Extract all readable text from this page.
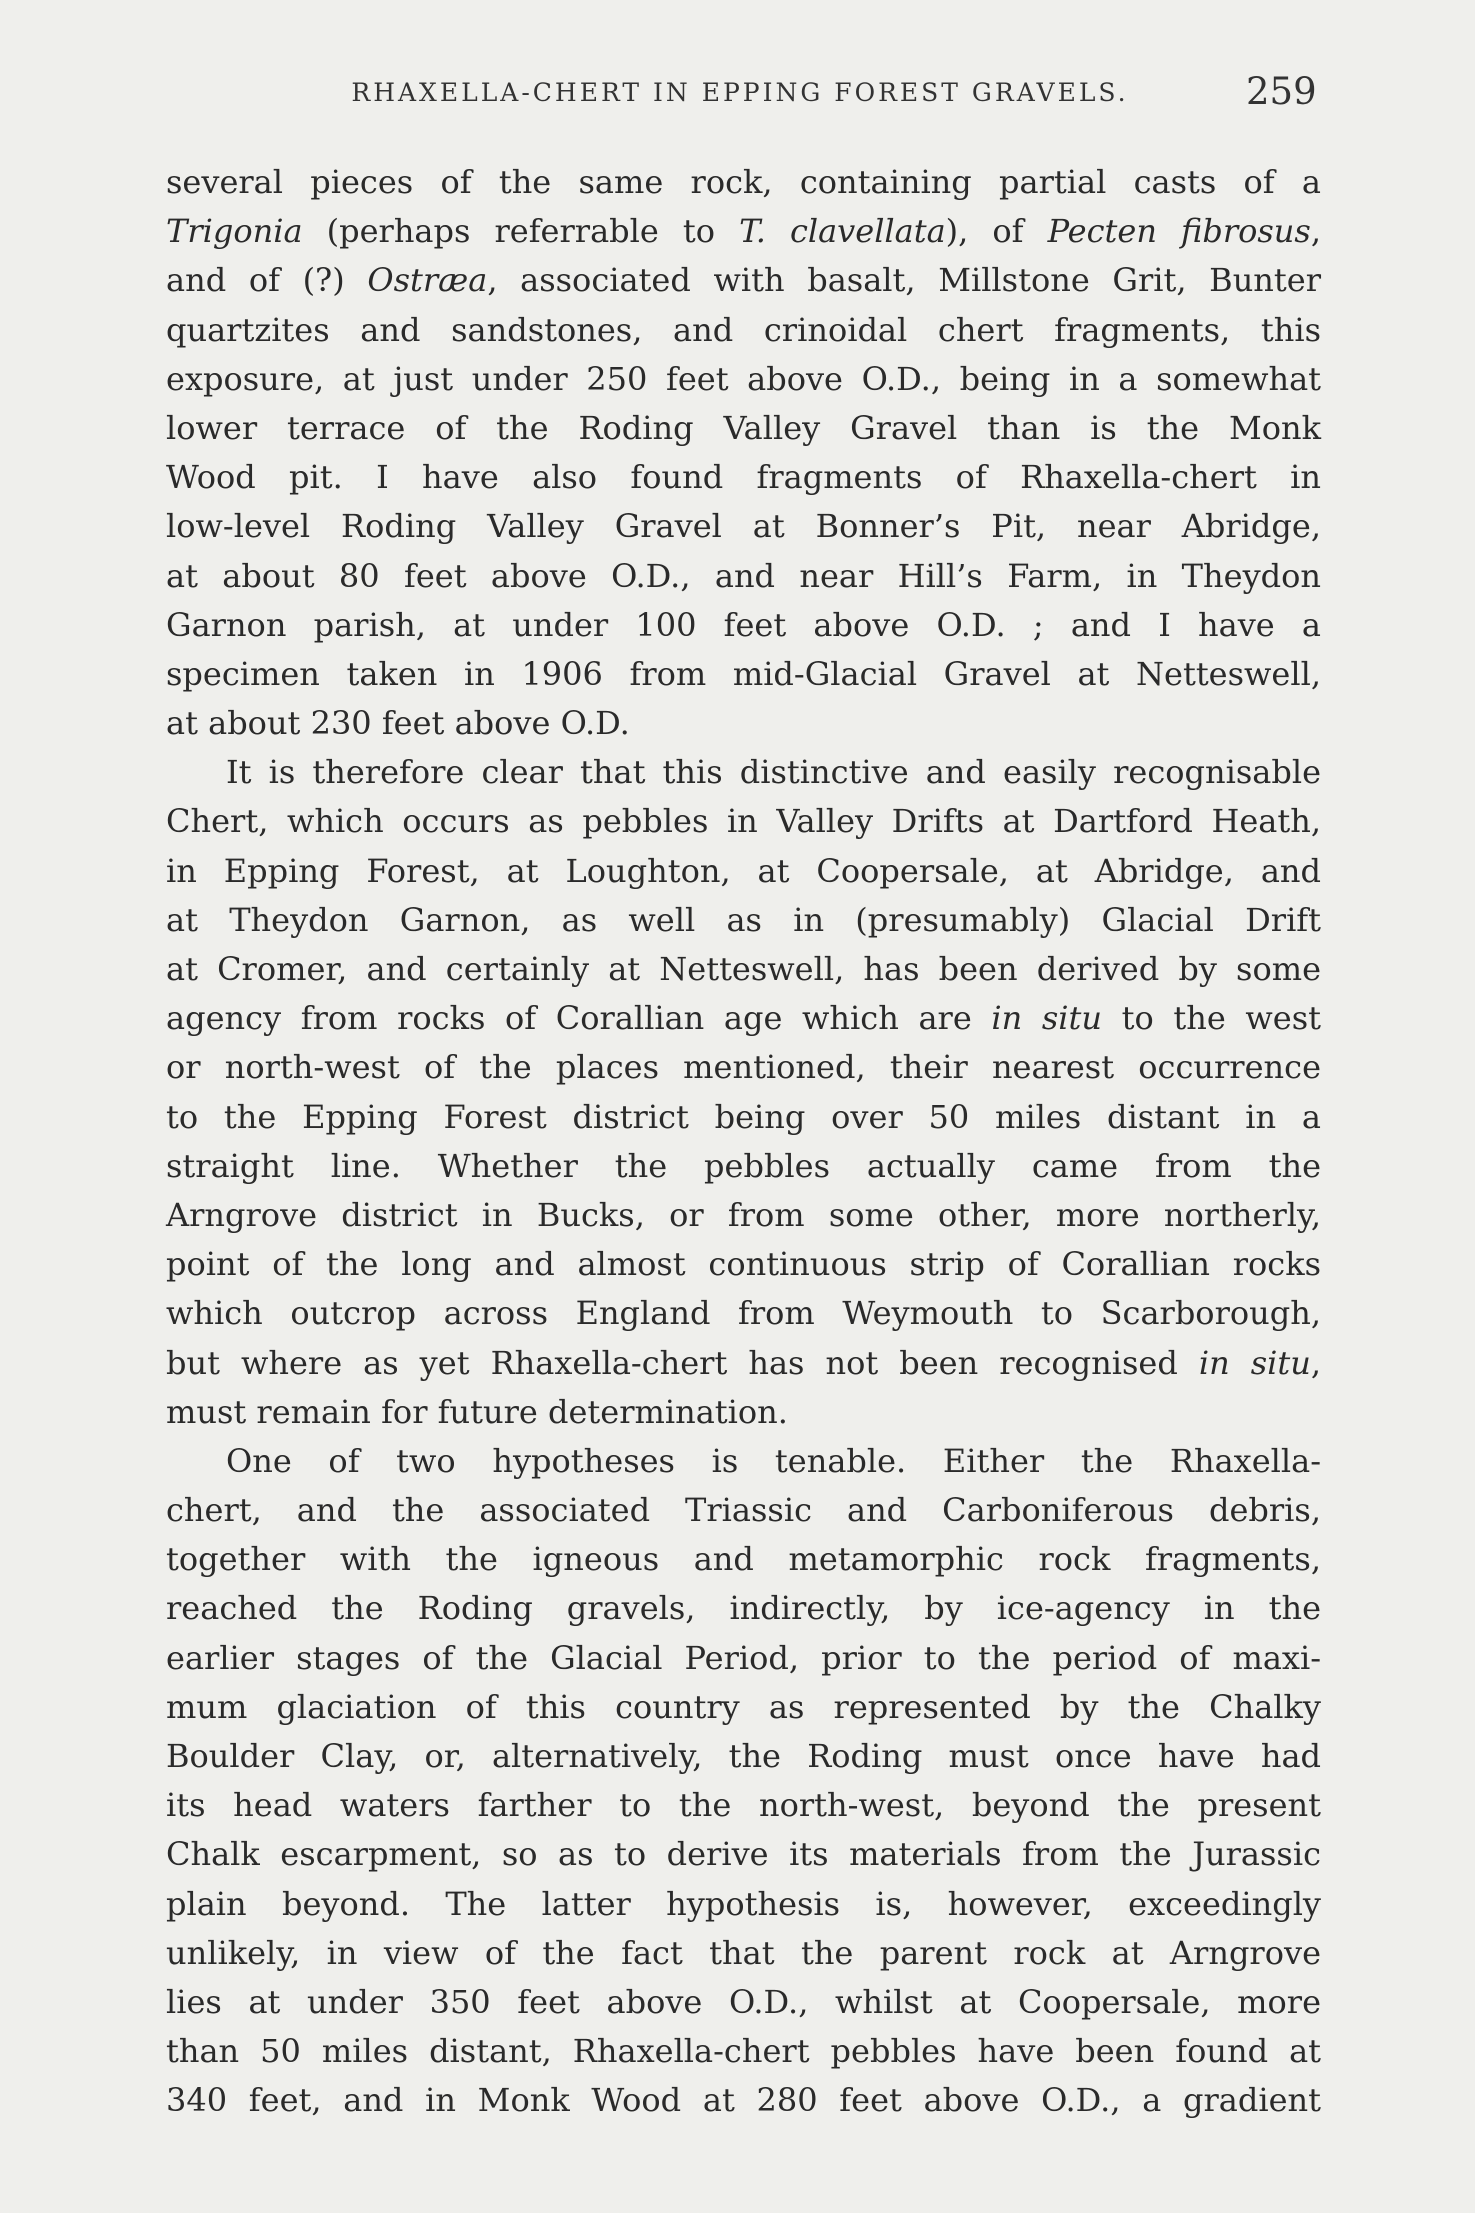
RHAXELLA-CHERT IN EPPING FOREST GRAVELS.	259
several pieces of the same rock, containing partial casts of a
Trigonia (perhaps referrable to T. clavellata), of Pecten fibrosus,
and of (?) Ostræa, associated with basalt, Millstone Grit, Bunter
quartzites and sandstones, and crinoidal chert fragments, this
exposure, at just under 250 feet above O.D., being in a somewhat
lower terrace of the Roding Valley Gravel than is the Monk
Wood pit. I have also found fragments of Rhaxella-chert in
low-level Roding Valley Gravel at Bonner’s Pit, near Abridge,
at about 80 feet above O.D., and near Hill’s Farm, in Theydon
Garnon parish, at under 100 feet above O.D. ; and I have a
specimen taken in 1906 from mid-Glacial Gravel at Netteswell,
at about 230 feet above O.D.
It is therefore clear that this distinctive and easily recognisable
Chert, which occurs as pebbles in Valley Drifts at Dartford Heath,
in Epping Forest, at Loughton, at Coopersale, at Abridge, and
at Theydon Garnon, as well as in (presumably) Glacial Drift
at Cromer, and certainly at Netteswell, has been derived by some
agency from rocks of Corallian age which are in situ to the west
or north-west of the places mentioned, their nearest occurrence
to the Epping Forest district being over 50 miles distant in a
straight line. Whether the pebbles actually came from the
Arngrove district in Bucks, or from some other, more northerly,
point of the long and almost continuous strip of Corallian rocks
which outcrop across England from Weymouth to Scarborough,
but where as yet Rhaxella-chert has not been recognised in situ,
must remain for future determination.
One of two hypotheses is tenable. Either the Rhaxella-
chert, and the associated Triassic and Carboniferous debris,
together with the igneous and metamorphic rock fragments,
reached the Roding gravels, indirectly, by ice-agency in the
earlier stages of the Glacial Period, prior to the period of maxi-
mum glaciation of this country as represented by the Chalky
Boulder Clay, or, alternatively, the Roding must once have had
its head waters farther to the north-west, beyond the present
Chalk escarpment, so as to derive its materials from the Jurassic
plain beyond. The latter hypothesis is, however, exceedingly
unlikely, in view of the fact that the parent rock at Arngrove
lies at under 350 feet above O.D., whilst at Coopersale, more
than 50 miles distant, Rhaxella-chert pebbles have been found at
340 feet, and in Monk Wood at 280 feet above O.D., a gradient
